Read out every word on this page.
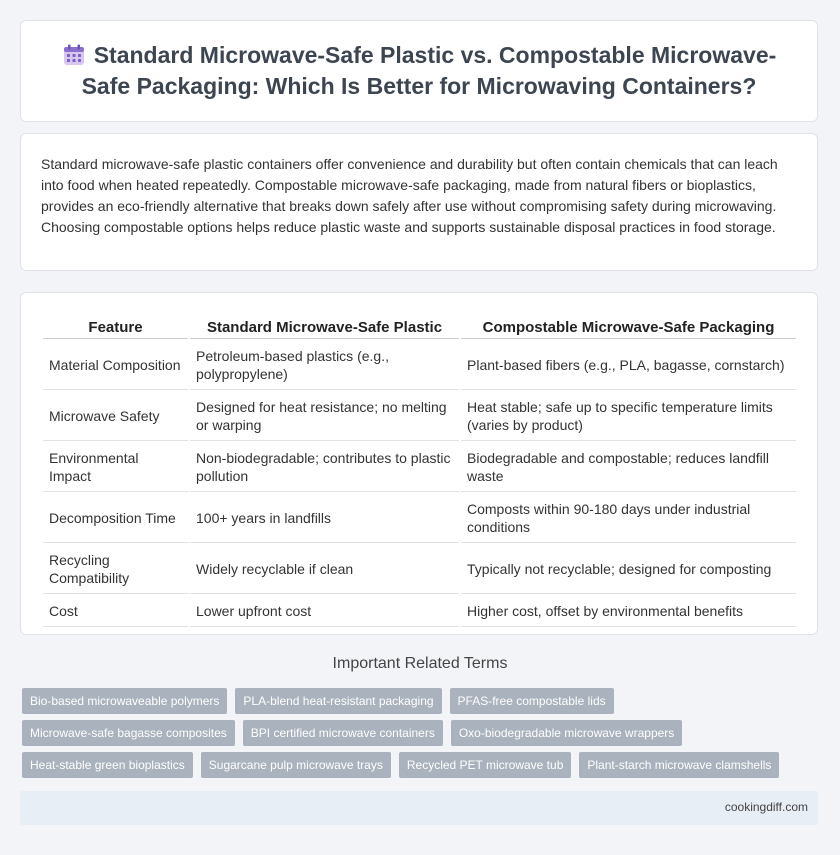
Standard Microwave-Safe Plastic vs. Compostable Microwave-Safe Packaging: Which Is Better for Microwaving Containers?

Standard microwave-safe plastic containers offer convenience and durability but often contain chemicals that can leach into food when heated repeatedly. Compostable microwave-safe packaging, made from natural fibers or bioplastics, provides an eco-friendly alternative that breaks down safely after use without compromising safety during microwaving. Choosing compostable options helps reduce plastic waste and supports sustainable disposal practices in food storage.

Feature	Standard Microwave-Safe Plastic	Compostable Microwave-Safe Packaging
Material Composition	Petroleum-based plastics (e.g., polypropylene)	Plant-based fibers (e.g., PLA, bagasse, cornstarch)
Microwave Safety	Designed for heat resistance; no melting or warping	Heat stable; safe up to specific temperature limits (varies by product)
Environmental Impact	Non-biodegradable; contributes to plastic pollution	Biodegradable and compostable; reduces landfill waste
Decomposition Time	100+ years in landfills	Composts within 90-180 days under industrial conditions
Recycling Compatibility	Widely recyclable if clean	Typically not recyclable; designed for composting
Cost	Lower upfront cost	Higher cost, offset by environmental benefits
Important Related Terms
Bio-based microwaveable polymers	PLA-blend heat-resistant packaging	PFAS-free compostable lids
Microwave-safe bagasse composites	BPI certified microwave containers	Oxo-biodegradable microwave wrappers
Heat-stable green bioplastics	Sugarcane pulp microwave trays	Recycled PET microwave tub	Plant-starch microwave clamshells
cookingdiff.com
